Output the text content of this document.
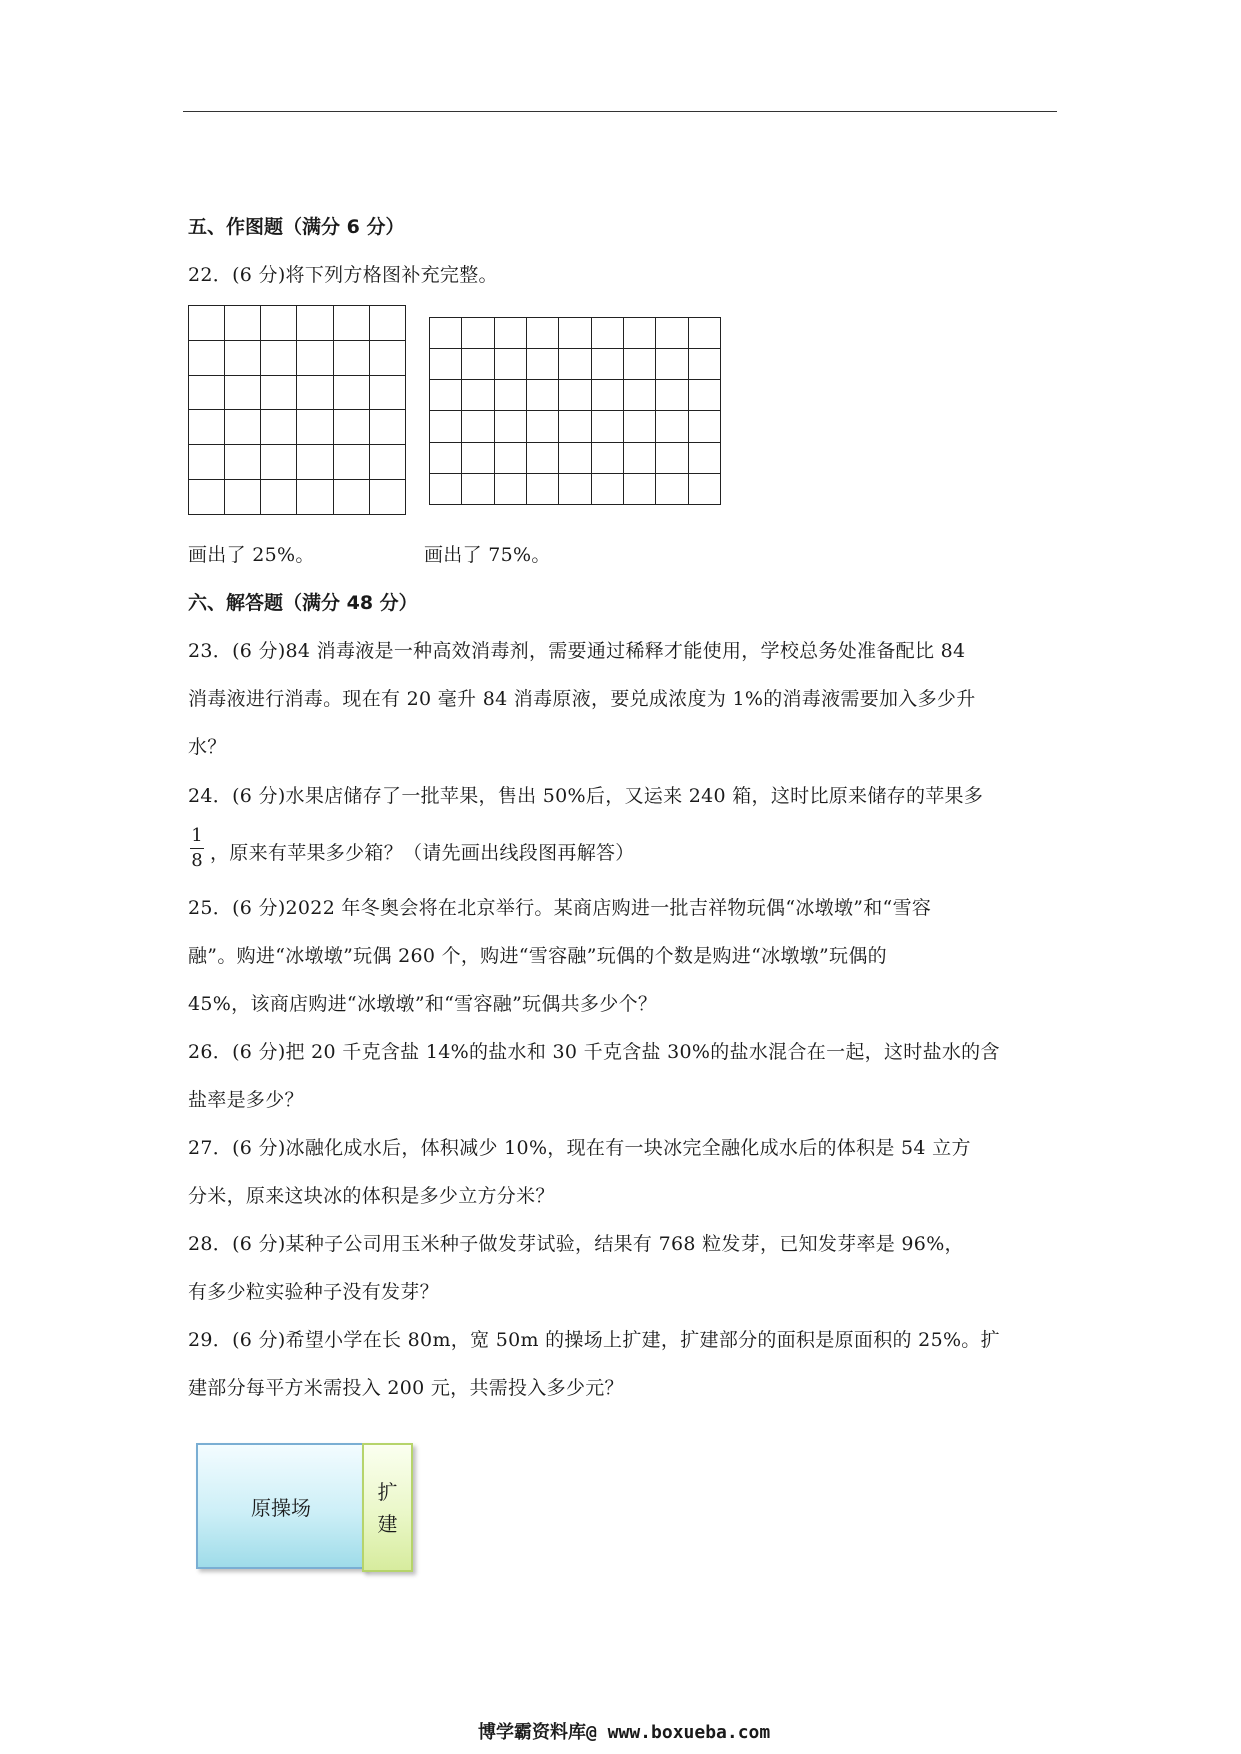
五、作图题（满分 6 分）
22．(6 分)将下列方格图补充完整。

画出了 25%。	画出了 75%。
六、解答题（满分 48 分）
23．(6 分)84 消毒液是一种高效消毒剂，需要通过稀释才能使用，学校总务处准备配比 84
消毒液进行消毒。现在有 20 毫升 84 消毒原液，要兑成浓度为 1%的消毒液需要加入多少升
水？
24．(6 分)水果店储存了一批苹果，售出 50%后，又运来 240 箱，这时比原来储存的苹果多
1
8 ，原来有苹果多少箱？（请先画出线段图再解答）
25．(6 分)2022 年冬奥会将在北京举行。某商店购进一批吉祥物玩偶“冰墩墩”和“雪容
融”。购进“冰墩墩”玩偶 260 个，购进“雪容融”玩偶的个数是购进“冰墩墩”玩偶的
45%，该商店购进“冰墩墩”和“雪容融”玩偶共多少个？
26．(6 分)把 20 千克含盐 14%的盐水和 30 千克含盐 30%的盐水混合在一起，这时盐水的含
盐率是多少？
27．(6 分)冰融化成水后，体积减少 10%，现在有一块冰完全融化成水后的体积是 54 立方
分米，原来这块冰的体积是多少立方分米？
28．(6 分)某种子公司用玉米种子做发芽试验，结果有 768 粒发芽，已知发芽率是 96%，
有多少粒实验种子没有发芽？
29．(6 分)希望小学在长 80m，宽 50m 的操场上扩建，扩建部分的面积是原面积的 25%。扩
建部分每平方米需投入 200 元，共需投入多少元？
原操场
扩
建
博学霸资料库@ www.boxueba.com
